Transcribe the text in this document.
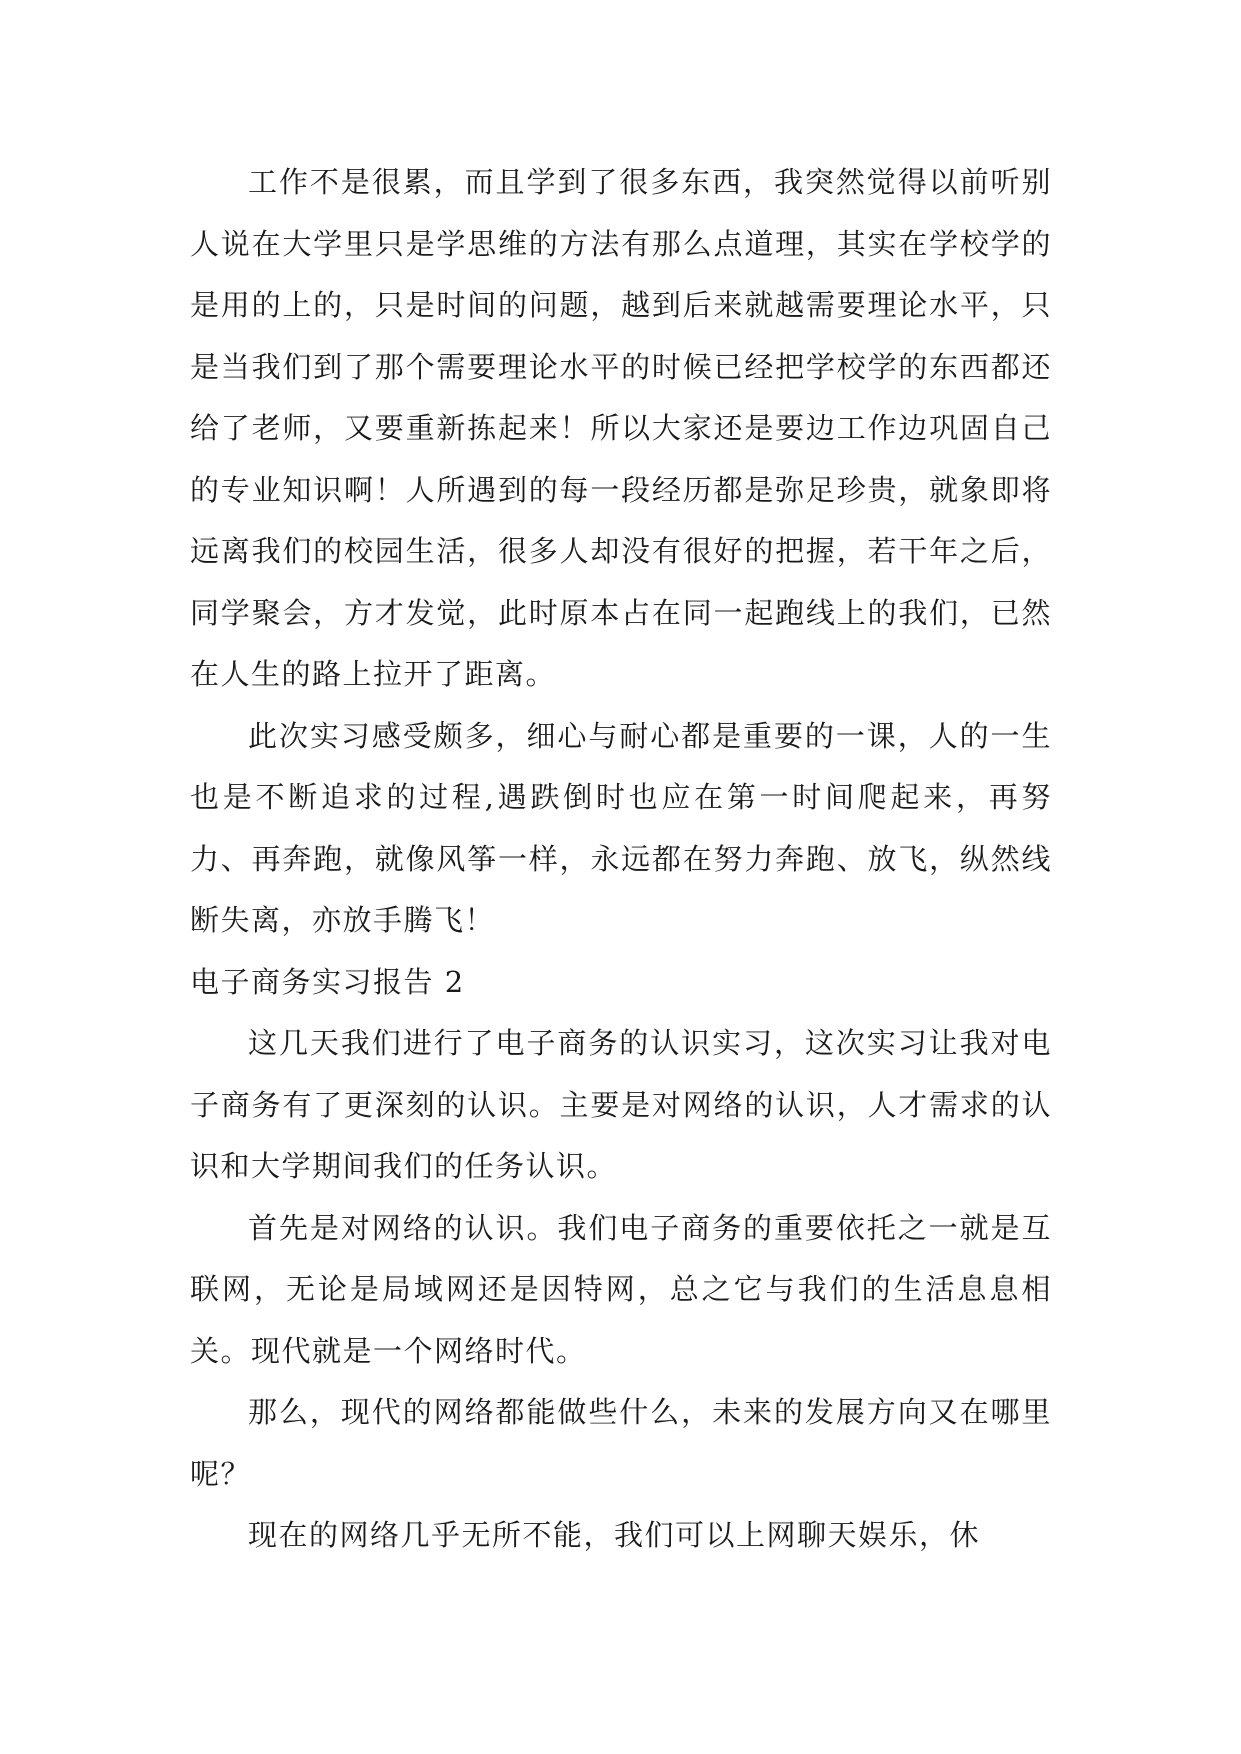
工作不是很累，而且学到了很多东西，我突然觉得以前听别人说在大学里只是学思维的方法有那么点道理，其实在学校学的是用的上的，只是时间的问题，越到后来就越需要理论水平，只是当我们到了那个需要理论水平的时候已经把学校学的东西都还给了老师，又要重新拣起来！所以大家还是要边工作边巩固自己的专业知识啊！人所遇到的每一段经历都是弥足珍贵，就象即将远离我们的校园生活，很多人却没有很好的把握，若干年之后，同学聚会，方才发觉，此时原本占在同一起跑线上的我们，已然在人生的路上拉开了距离。

此次实习感受颇多，细心与耐心都是重要的一课，人的一生也是不断追求的过程,遇跌倒时也应在第一时间爬起来，再努力、再奔跑，就像风筝一样，永远都在努力奔跑、放飞，纵然线断失离，亦放手腾飞！

电子商务实习报告 2

这几天我们进行了电子商务的认识实习，这次实习让我对电子商务有了更深刻的认识。主要是对网络的认识，人才需求的认识和大学期间我们的任务认识。

首先是对网络的认识。我们电子商务的重要依托之一就是互联网，无论是局域网还是因特网，总之它与我们的生活息息相关。现代就是一个网络时代。

那么，现代的网络都能做些什么，未来的发展方向又在哪里呢？

现在的网络几乎无所不能，我们可以上网聊天娱乐，休
